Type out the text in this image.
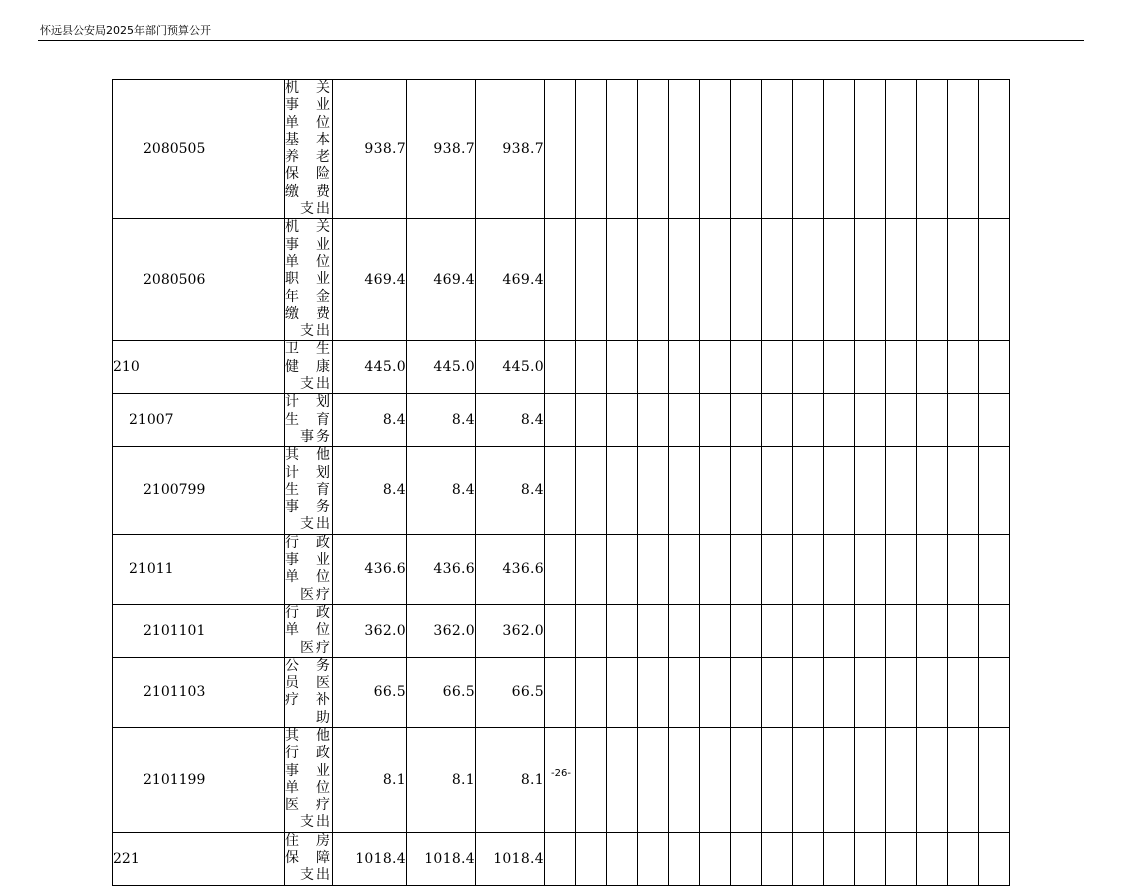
怀远县公安局2025年部门预算公开
2080505	机关事业单位基本养老保险缴费支出	938.7	938.7	938.7															
2080506	机关事业单位职业年金缴费支出	469.4	469.4	469.4															
210	卫生健康支出	445.0	445.0	445.0															
21007	计划生育事务	8.4	8.4	8.4															
2100799	其他计划生育事务支出	8.4	8.4	8.4															
21011	行政事业单位医疗	436.6	436.6	436.6															
2101101	行政单位医疗	362.0	362.0	362.0															
2101103	公务员医疗补助	66.5	66.5	66.5															
2101199	其他行政事业单位医疗支出	8.1	8.1	8.1															
221	住房保障支出	1018.4	1018.4	1018.4															
-26-
